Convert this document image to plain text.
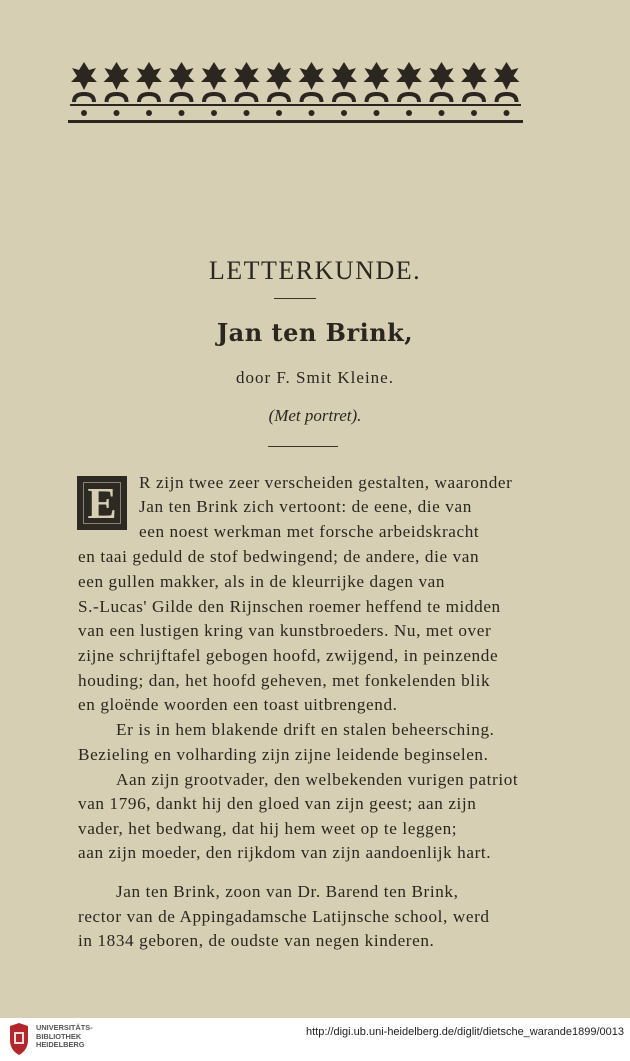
LETTERKUNDE.
Jan ten Brink,
door F. Smit Kleine.
(Met portret).
E R zijn twee zeer verscheiden gestalten, waaronder
Jan ten Brink zich vertoont: de eene, die van
een noest werkman met forsche arbeidskracht
en taai geduld de stof bedwingend; de andere, die van
een gullen makker, als in de kleurrijke dagen van
S.-Lucas' Gilde den Rijnschen roemer heffend te midden
van een lustigen kring van kunstbroeders. Nu, met over
zijne schrijftafel gebogen hoofd, zwijgend, in peinzende
houding; dan, het hoofd geheven, met fonkelenden blik
en gloënde woorden een toast uitbrengend.
Er is in hem blakende drift en stalen beheersching.
Bezieling en volharding zijn zijne leidende beginselen.
Aan zijn grootvader, den welbekenden vurigen patriot
van 1796, dankt hij den gloed van zijn geest; aan zijn
vader, het bedwang, dat hij hem weet op te leggen;
aan zijn moeder, den rijkdom van zijn aandoenlijk hart.
Jan ten Brink, zoon van Dr. Barend ten Brink,
rector van de Appingadamsche Latijnsche school, werd
in 1834 geboren, de oudste van negen kinderen.
UNIVERSITÄTS-
BIBLIOTHEK
HEIDELBERG
http://digi.ub.uni-heidelberg.de/diglit/dietsche_warande1899/0013
